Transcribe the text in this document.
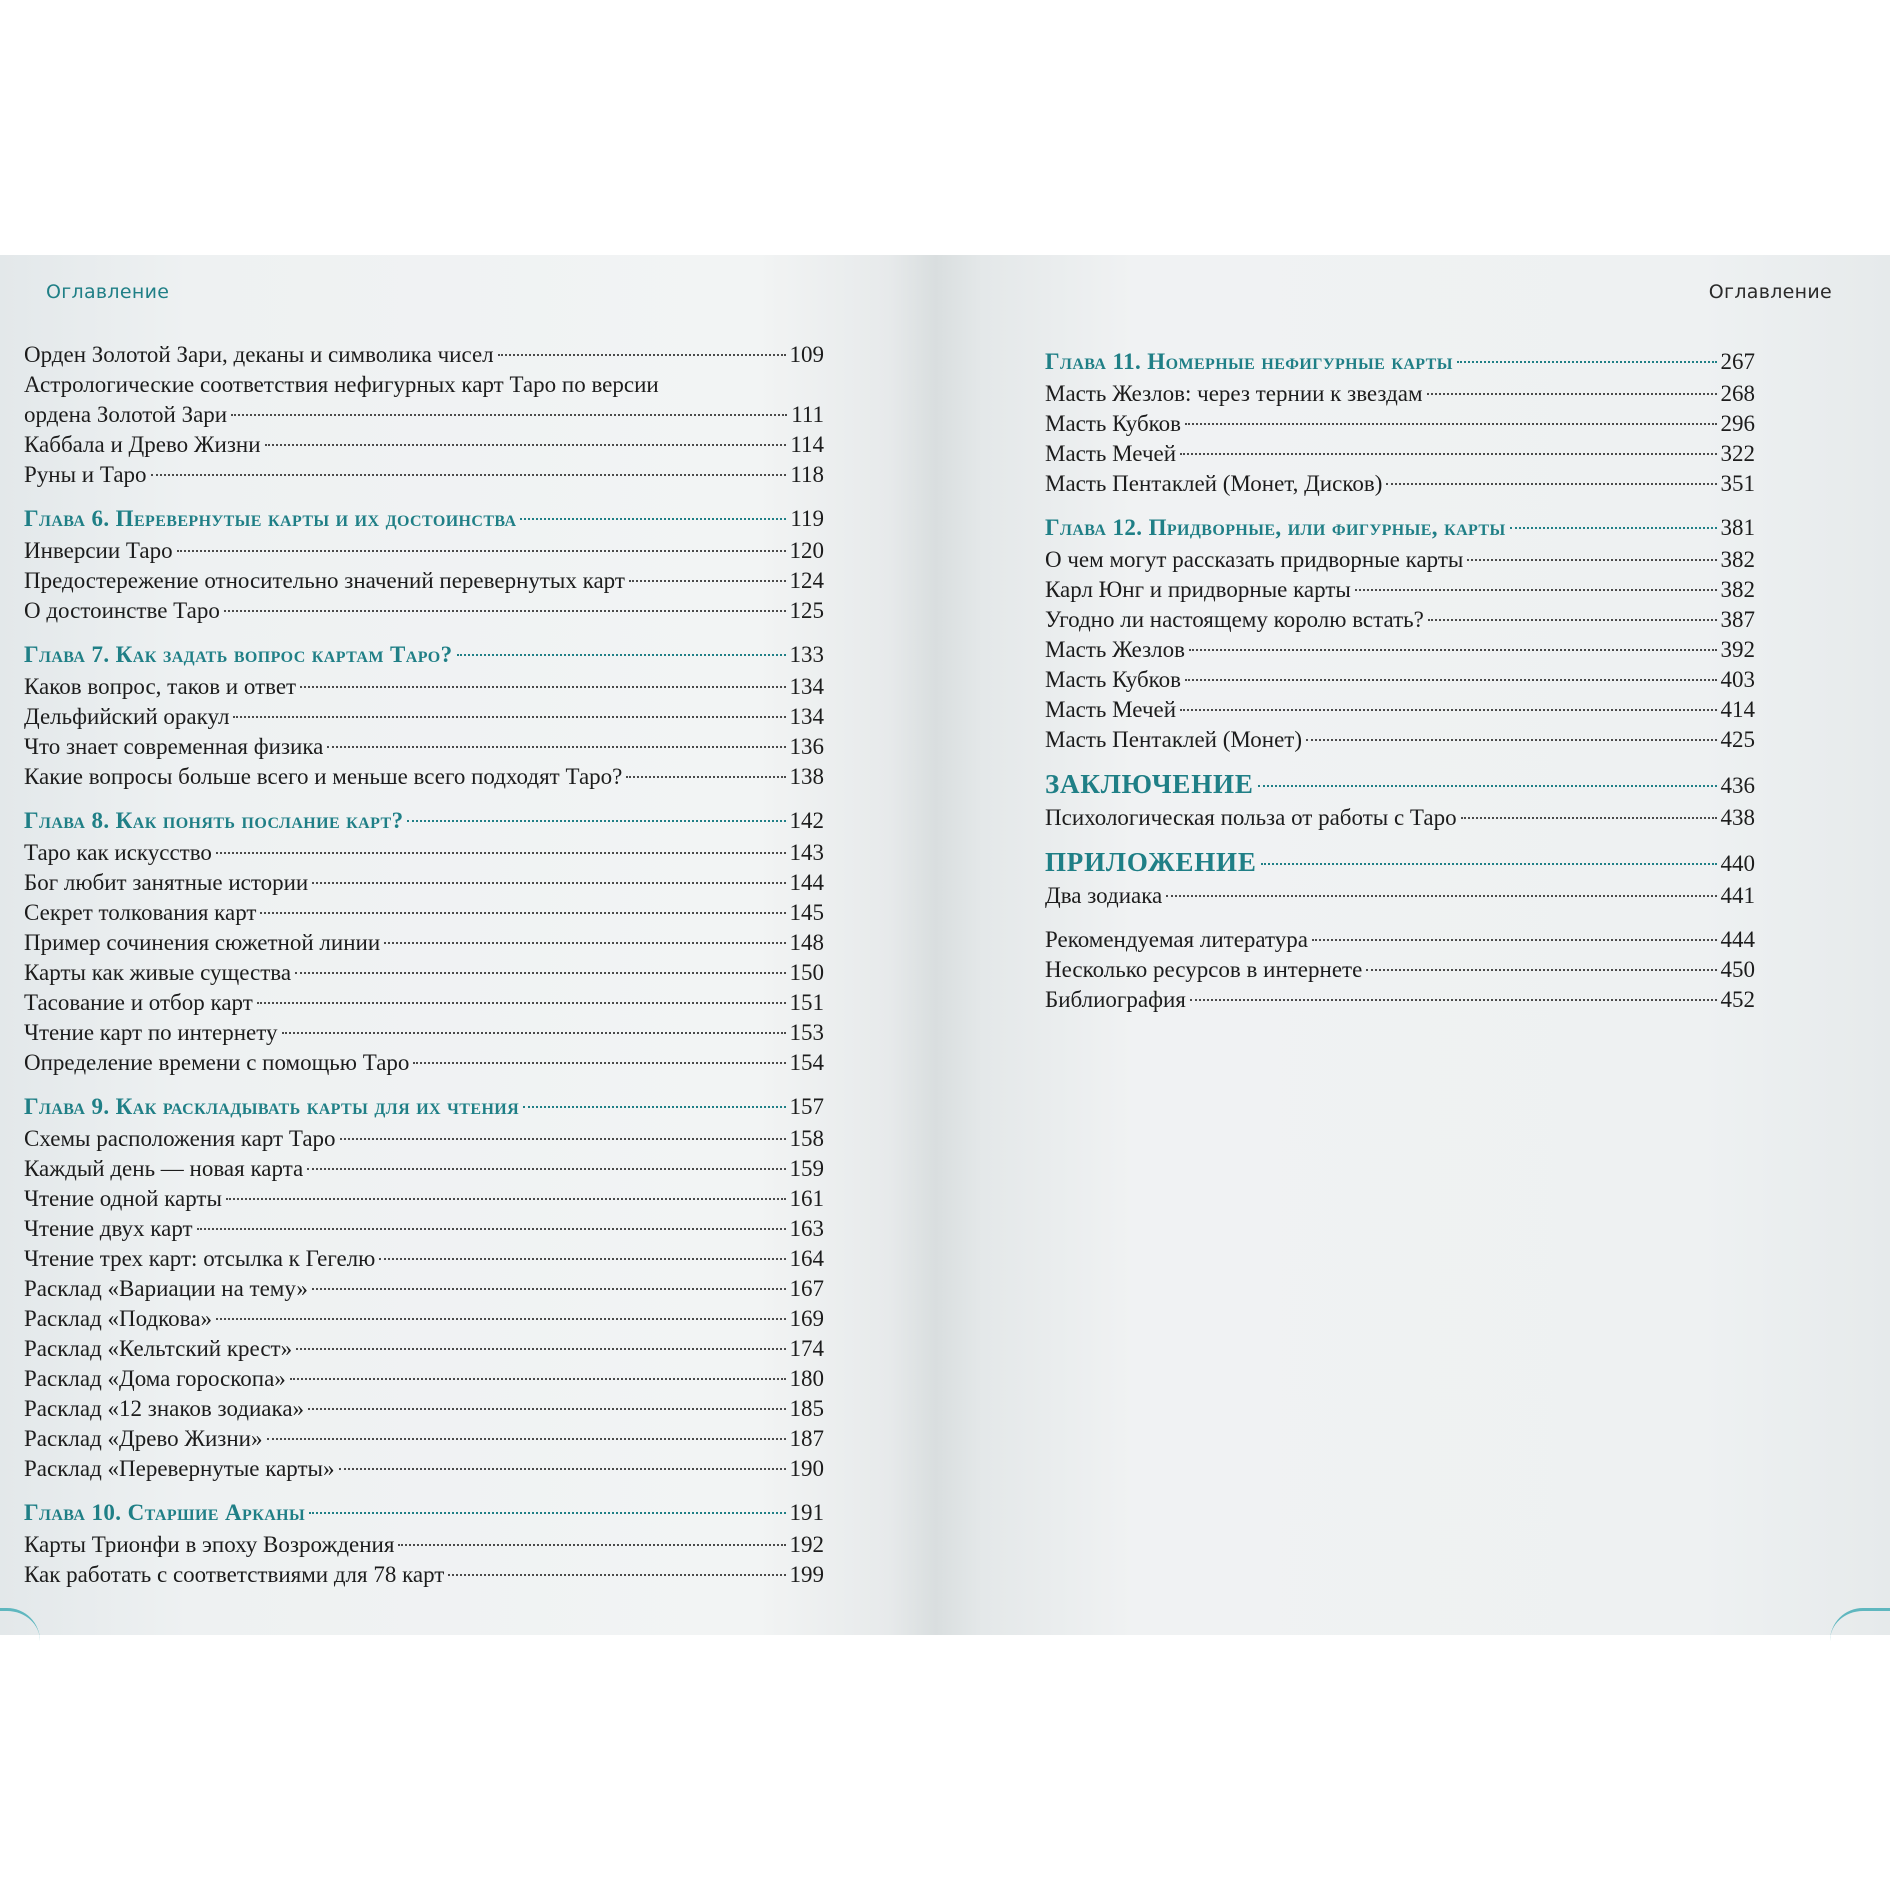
Оглавление
Орден Золотой Зари, деканы и символика чисел	109
Астрологические соответствия нефигурных карт Таро по версии
ордена Золотой Зари	111
Каббала и Древо Жизни	114
Руны и Таро	118
Глава 6. Перевернутые карты и их достоинства	119
Инверсии Таро	120
Предостережение относительно значений перевернутых карт	124
О достоинстве Таро	125
Глава 7. Как задать вопрос картам Таро?	133
Каков вопрос, таков и ответ	134
Дельфийский оракул	134
Что знает современная физика	136
Какие вопросы больше всего и меньше всего подходят Таро?	138
Глава 8. Как понять послание карт?	142
Таро как искусство	143
Бог любит занятные истории	144
Секрет толкования карт	145
Пример сочинения сюжетной линии	148
Карты как живые существа	150
Тасование и отбор карт	151
Чтение карт по интернету	153
Определение времени с помощью Таро	154
Глава 9. Как раскладывать карты для их чтения	157
Схемы расположения карт Таро	158
Каждый день — новая карта	159
Чтение одной карты	161
Чтение двух карт	163
Чтение трех карт: отсылка к Гегелю	164
Расклад «Вариации на тему»	167
Расклад «Подкова»	169
Расклад «Кельтский крест»	174
Расклад «Дома гороскопа»	180
Расклад «12 знаков зодиака»	185
Расклад «Древо Жизни»	187
Расклад «Перевернутые карты»	190
Глава 10. Старшие Арканы	191
Карты Трионфи в эпоху Возрождения	192
Как работать с соответствиями для 78 карт	199
Оглавление
Глава 11. Номерные нефигурные карты	267
Масть Жезлов: через тернии к звездам	268
Масть Кубков	296
Масть Мечей	322
Масть Пентаклей (Монет, Дисков)	351
Глава 12. Придворные, или фигурные, карты	381
О чем могут рассказать придворные карты	382
Карл Юнг и придворные карты	382
Угодно ли настоящему королю встать?	387
Масть Жезлов	392
Масть Кубков	403
Масть Мечей	414
Масть Пентаклей (Монет)	425
ЗАКЛЮЧЕНИЕ	436
Психологическая польза от работы с Таро	438
ПРИЛОЖЕНИЕ	440
Два зодиака	441
Рекомендуемая литература	444
Несколько ресурсов в интернете	450
Библиография	452
